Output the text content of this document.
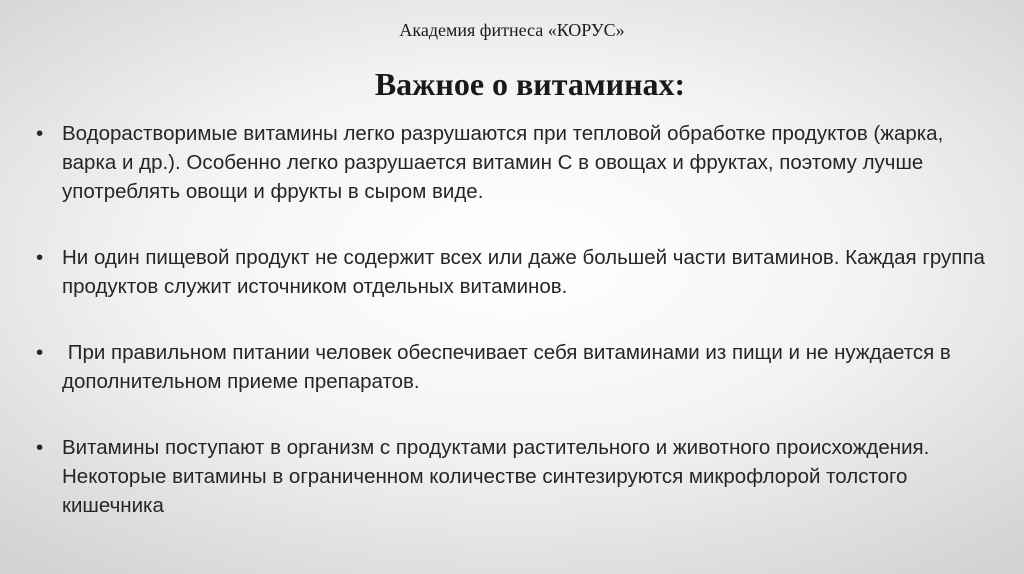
Академия фитнеса «КОРУС»
Важное о витаминах:
• Водорастворимые витамины легко разрушаются при тепловой обработке продуктов (жарка, варка и др.). Особенно легко разрушается витамин С в овощах и фруктах, поэтому лучше употреблять овощи и фрукты в сыром виде.
• Ни один пищевой продукт не содержит всех или даже большей части витаминов. Каждая группа продуктов служит источником отдельных витаминов.
• При правильном питании человек обеспечивает себя витаминами из пищи и не нуждается в дополнительном приеме препаратов.
• Витамины поступают в организм с продуктами растительного и животного происхождения. Некоторые витамины в ограниченном количестве синтезируются микрофлорой толстого кишечника
